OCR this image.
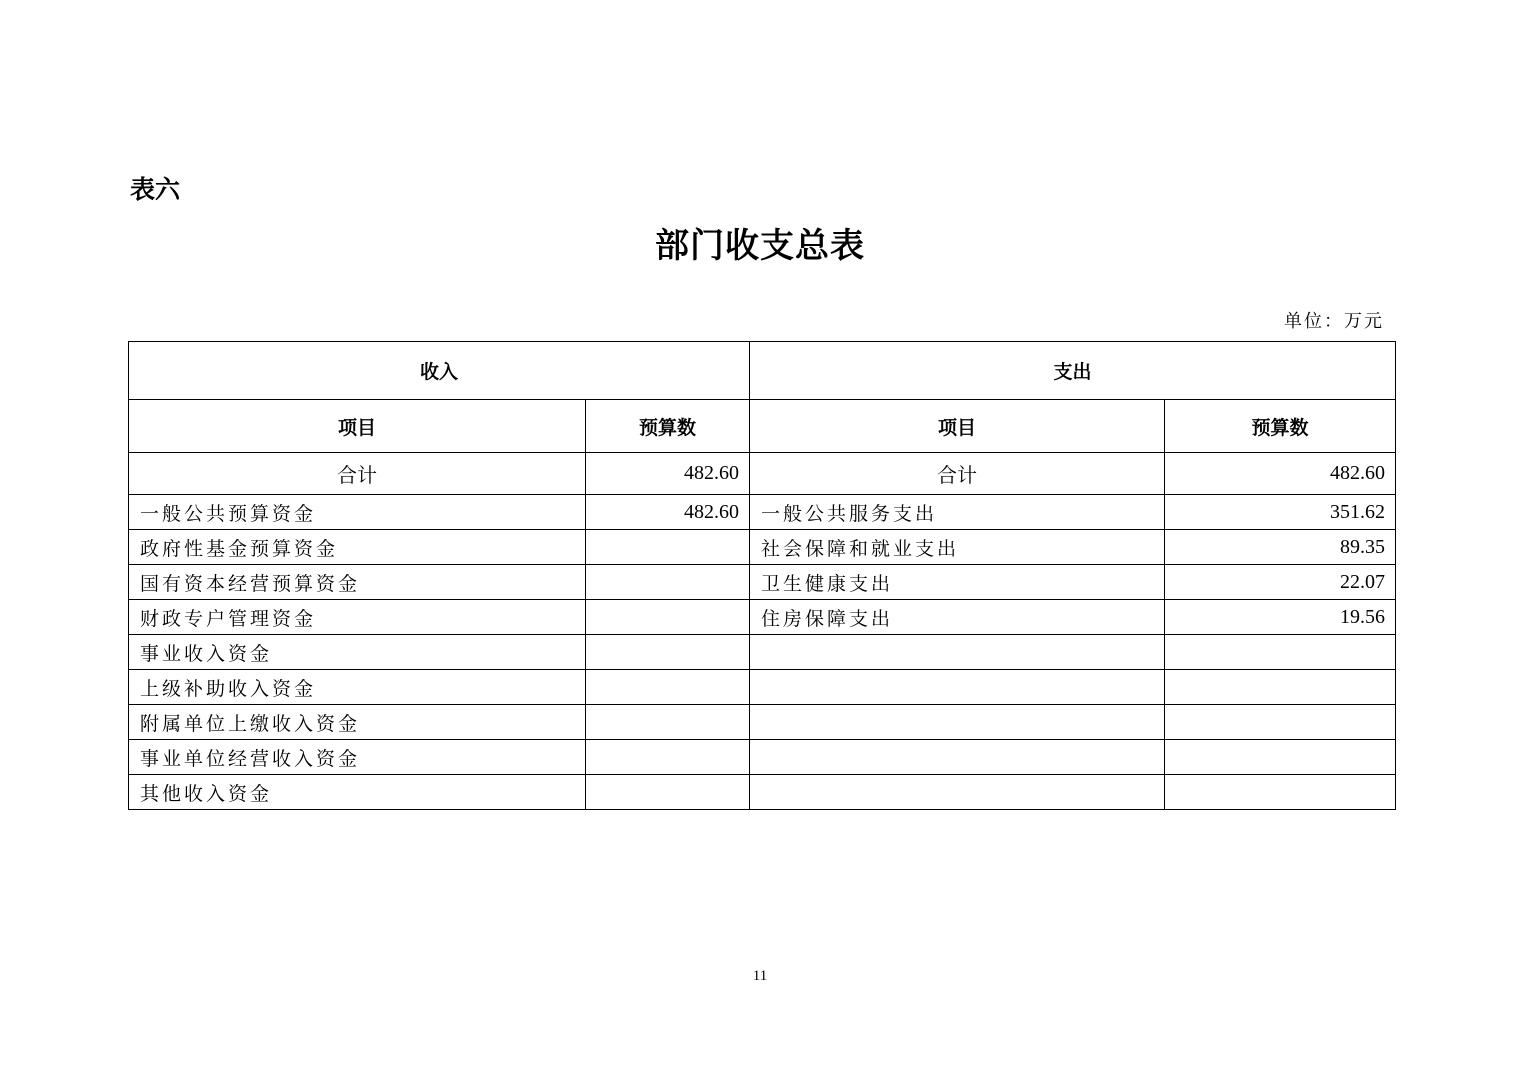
表六
部门收支总表
单位：万元
收入		支出	
项目	预算数	项目	预算数
合计	482.60	合计	482.60
一般公共预算资金	482.60	一般公共服务支出	351.62
政府性基金预算资金		社会保障和就业支出	89.35
国有资本经营预算资金		卫生健康支出	22.07
财政专户管理资金		住房保障支出	19.56
事业收入资金			
上级补助收入资金			
附属单位上缴收入资金			
事业单位经营收入资金			
其他收入资金			
11
